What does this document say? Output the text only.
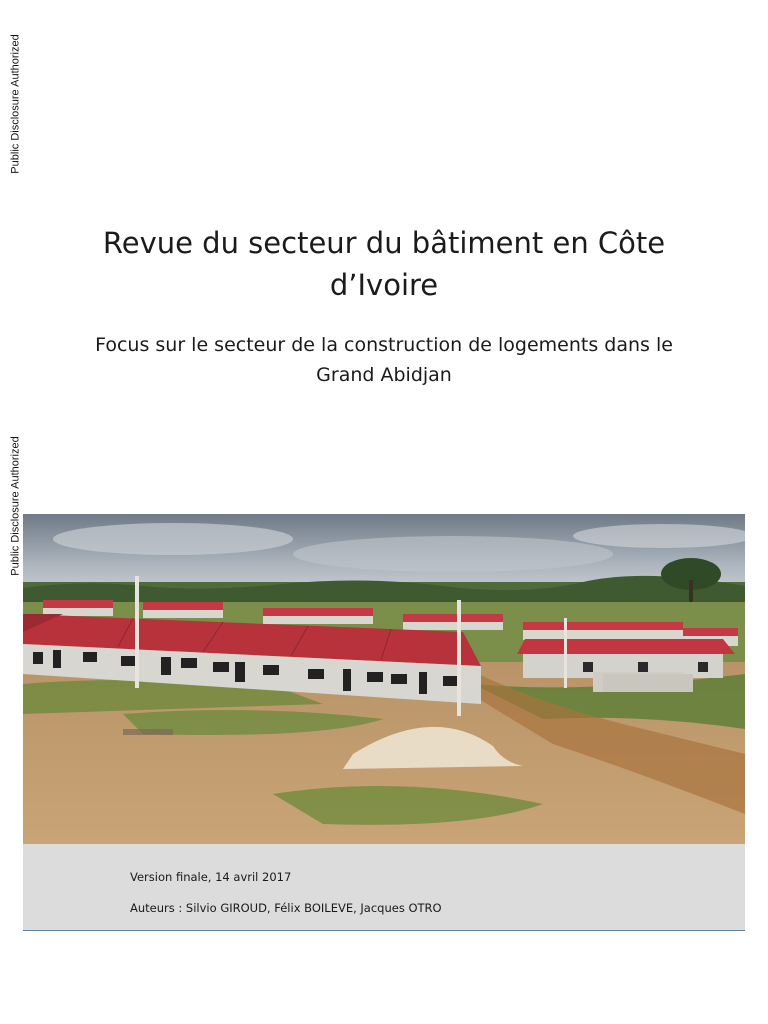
Public Disclosure Authorized
Public Disclosure Authorized
Revue du secteur du bâtiment en Côte d’Ivoire

Focus sur le secteur de la construction de logements dans le Grand Abidjan

Version finale, 14 avril 2017

Auteurs : Silvio GIROUD, Félix BOILEVE, Jacques OTRO
